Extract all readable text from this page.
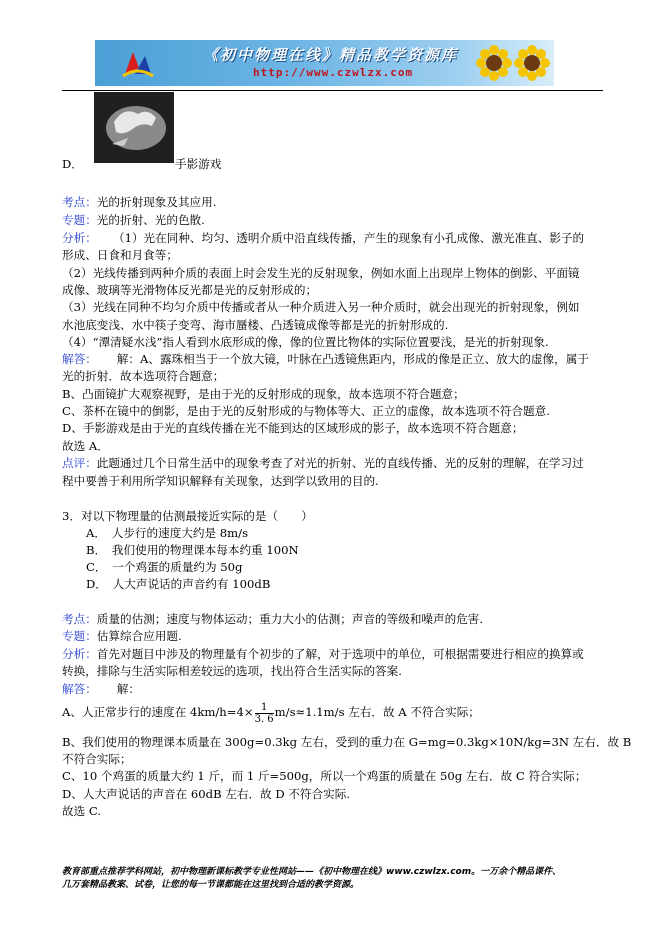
《初中物理在线》精品教学资源库
http://www.czwlzx.com
D．	手影游戏
考点：光的折射现象及其应用.
专题：光的折射、光的色散.
分析： （1）光在同种、均匀、透明介质中沿直线传播，产生的现象有小孔成像、激光准直、影子的
形成、日食和月食等；
（2）光线传播到两种介质的表面上时会发生光的反射现象，例如水面上出现岸上物体的倒影、平面镜
成像、玻璃等光滑物体反光都是光的反射形成的；
（3）光线在同种不均匀介质中传播或者从一种介质进入另一种介质时，就会出现光的折射现象，例如
水池底变浅、水中筷子变弯、海市蜃楼、凸透镜成像等都是光的折射形成的.
（4）“潭清疑水浅”指人看到水底形成的像，像的位置比物体的实际位置要浅，是光的折射现象.
解答： 解：A、露珠相当于一个放大镜，叶脉在凸透镜焦距内，形成的像是正立、放大的虚像，属于
光的折射．故本选项符合题意；
B、凸面镜扩大观察视野，是由于光的反射形成的现象，故本选项不符合题意；
C、茶杯在镜中的倒影，是由于光的反射形成的与物体等大、正立的虚像，故本选项不符合题意.
D、手影游戏是由于光的直线传播在光不能到达的区域形成的影子，故本选项不符合题意；
故选 A．
点评：此题通过几个日常生活中的现象考查了对光的折射、光的直线传播、光的反射的理解，在学习过
程中要善于利用所学知识解释有关现象，达到学以致用的目的.
3．对以下物理量的估测最接近实际的是（　　）
A．　人步行的速度大约是 8m/s
B．　我们使用的物理课本每本约重 100N
C．　一个鸡蛋的质量约为 50g
D．　人大声说话的声音约有 100dB
考点：质量的估测；速度与物体运动；重力大小的估测；声音的等级和噪声的危害.
专题：估算综合应用题.
分析：首先对题目中涉及的物理量有个初步的了解，对于选项中的单位，可根据需要进行相应的换算或
转换，排除与生活实际相差较远的选项，找出符合生活实际的答案.
解答： 解：
A、人正常步行的速度在 $4km/h=4\times \frac{1}{3. 6} m/s\approx 1.1m/s$ 左右．故 A 不符合实际；
B、我们使用的物理课本质量在 300g=0.3kg 左右，受到的重力在 G=mg=0.3kg×10N/kg=3N 左右．故 B
不符合实际；
C、10 个鸡蛋的质量大约 1 斤，而 1 斤=500g，所以一个鸡蛋的质量在 50g 左右．故 C 符合实际；
D、人大声说话的声音在 60dB 左右．故 D 不符合实际.
故选 C.
教育部重点推荐学科网站，初中物理新课标教学专业性网站——《初中物理在线》www.czwlzx.com。一万余个精品课件、
几万套精品教案、试卷，让您的每一节课都能在这里找到合适的教学资源。
